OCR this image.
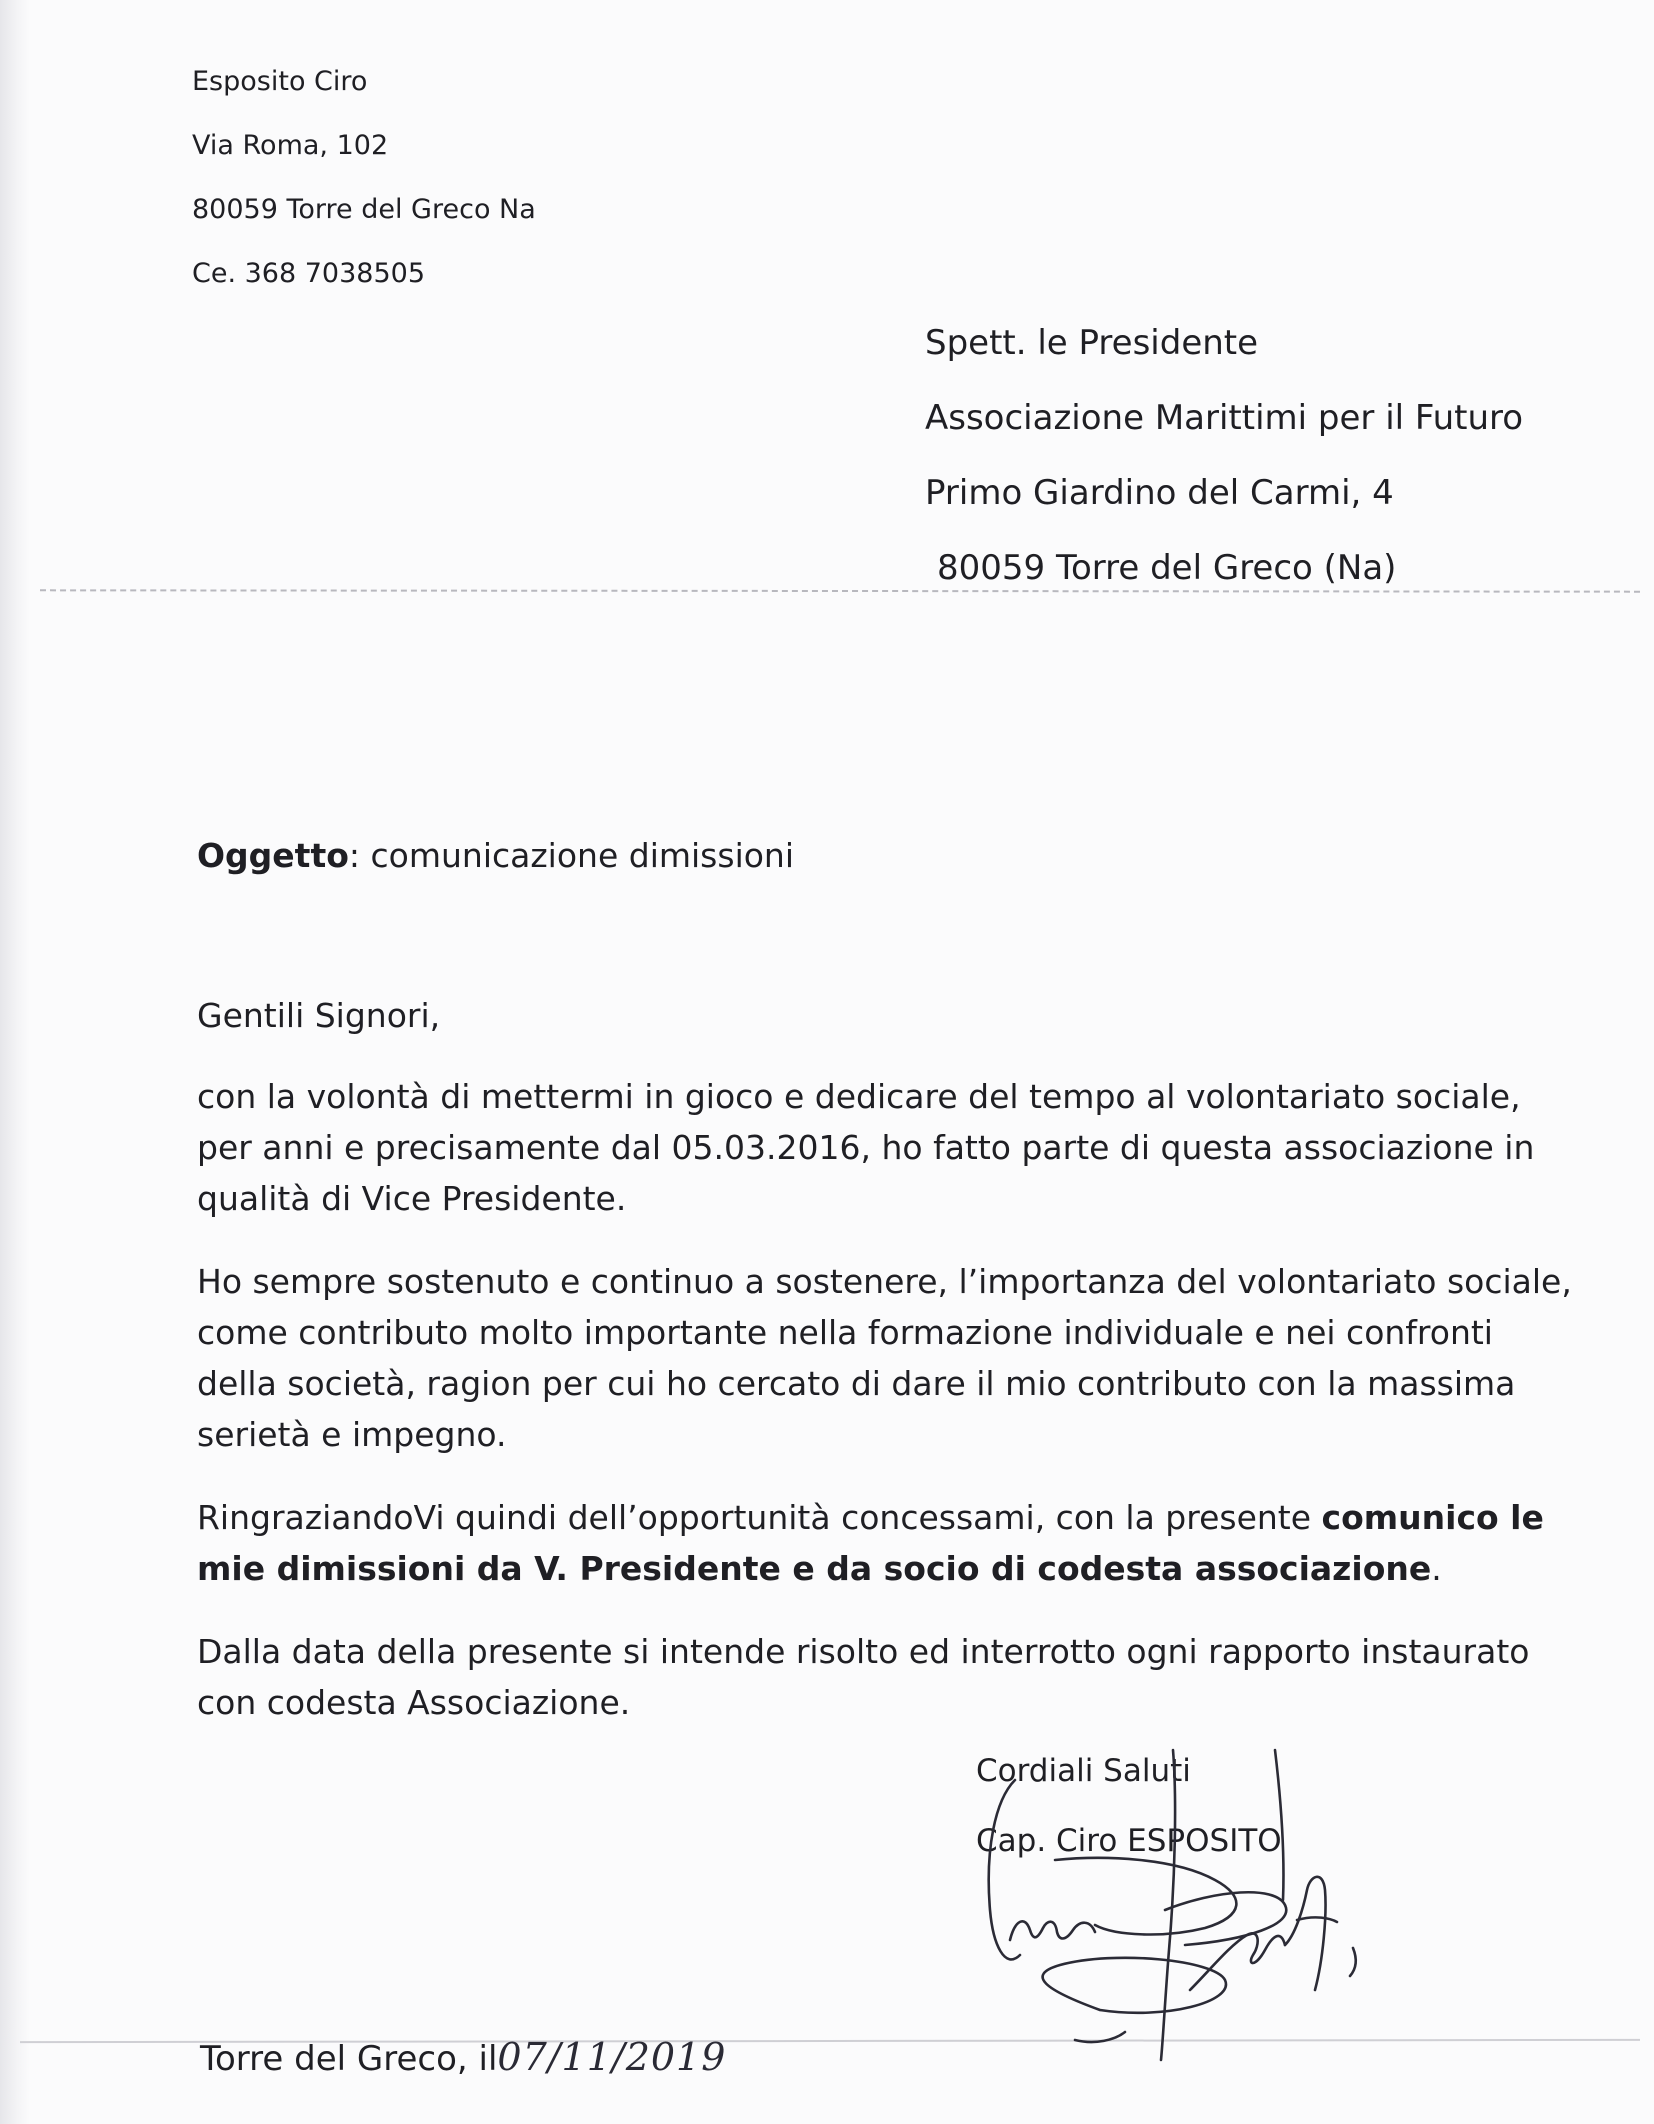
Esposito Ciro
Via Roma, 102
80059 Torre del Greco Na
Ce. 368 7038505
Spett. le Presidente
Associazione Marittimi per il Futuro
Primo Giardino del Carmi, 4
80059 Torre del Greco (Na)
Oggetto: comunicazione dimissioni

Gentili Signori,

con la volontà di mettermi in gioco e dedicare del tempo al volontariato sociale, per anni e precisamente dal 05.03.2016, ho fatto parte di questa associazione in qualità di Vice Presidente.

Ho sempre sostenuto e continuo a sostenere, l’importanza del volontariato sociale, come contributo molto importante nella formazione individuale e nei confronti della società, ragion per cui ho cercato di dare il mio contributo con la massima serietà e impegno.

RingraziandoVi quindi dell’opportunità concessami, con la presente comunico le mie dimissioni da V. Presidente e da socio di codesta associazione.

Dalla data della presente si intende risolto ed interrotto ogni rapporto instaurato con codesta Associazione.

Cordiali Saluti
Cap. Ciro ESPOSITO
Torre del Greco, il07/11/2019
